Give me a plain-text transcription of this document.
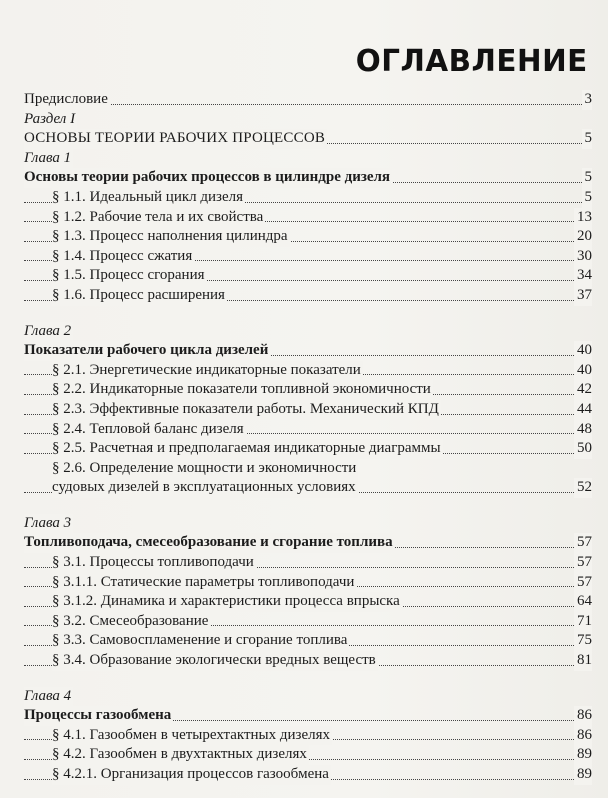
ОГЛАВЛЕНИЕ
Предисловие	3
Раздел I
ОСНОВЫ ТЕОРИИ РАБОЧИХ ПРОЦЕССОВ	5
Глава 1
Основы теории рабочих процессов в цилиндре дизеля	5
§ 1.1. Идеальный цикл дизеля	5
§ 1.2. Рабочие тела и их свойства	13
§ 1.3. Процесс наполнения цилиндра	20
§ 1.4. Процесс сжатия	30
§ 1.5. Процесс сгорания	34
§ 1.6. Процесс расширения	37
Глава 2
Показатели рабочего цикла дизелей	40
§ 2.1. Энергетические индикаторные показатели	40
§ 2.2. Индикаторные показатели топливной экономичности	42
§ 2.3. Эффективные показатели работы. Механический КПД	44
§ 2.4. Тепловой баланс дизеля	48
§ 2.5. Расчетная и предполагаемая индикаторные диаграммы	50
§ 2.6. Определение мощности и экономичности
судовых дизелей в эксплуатационных условиях	52
Глава 3
Топливоподача, смесеобразование и сгорание топлива	57
§ 3.1. Процессы топливоподачи	57
§ 3.1.1. Статические параметры топливоподачи	57
§ 3.1.2. Динамика и характеристики процесса впрыска	64
§ 3.2. Смесеобразование	71
§ 3.3. Самовоспламенение и сгорание топлива	75
§ 3.4. Образование экологически вредных веществ	81
Глава 4
Процессы газообмена	86
§ 4.1. Газообмен в четырехтактных дизелях	86
§ 4.2. Газообмен в двухтактных дизелях	89
§ 4.2.1. Организация процессов газообмена	89
